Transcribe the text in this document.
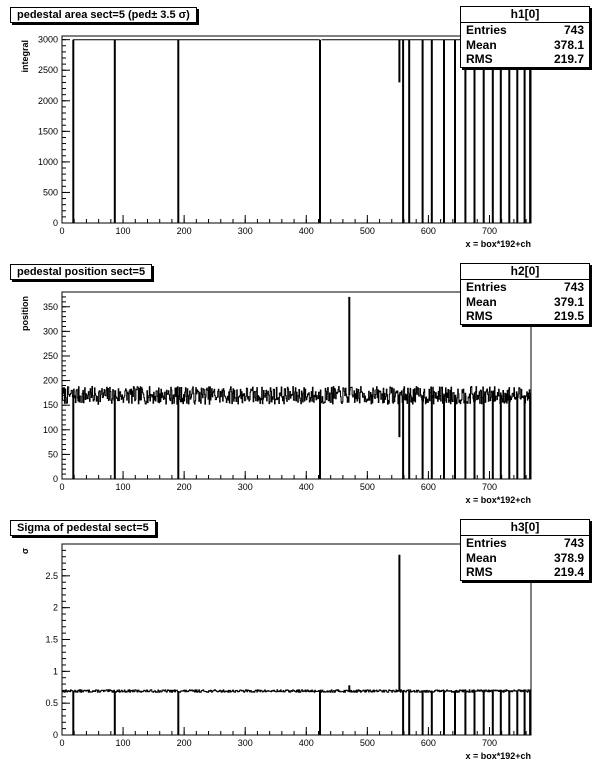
pedestal area sect=5 (ped± 3.5 σ)
pedestal position sect=5
Sigma of pedestal sect=5
0
500
1000
1500
2000
2500
3000
0	100	200	300	400	500	600	700
integral
x = box*192+ch
0
50
100
150
200
250
300
350
0	100	200	300	400	500	600	700
position
x = box*192+ch
0
0.5
1
1.5
2
2.5
0	100	200	300	400	500	600	700
σ
x = box*192+ch
h1[0]
Entries	743
Mean	378.1
RMS	219.7
h2[0]
Entries	743
Mean	379.1
RMS	219.5
h3[0]
Entries	743
Mean	378.9
RMS	219.4
